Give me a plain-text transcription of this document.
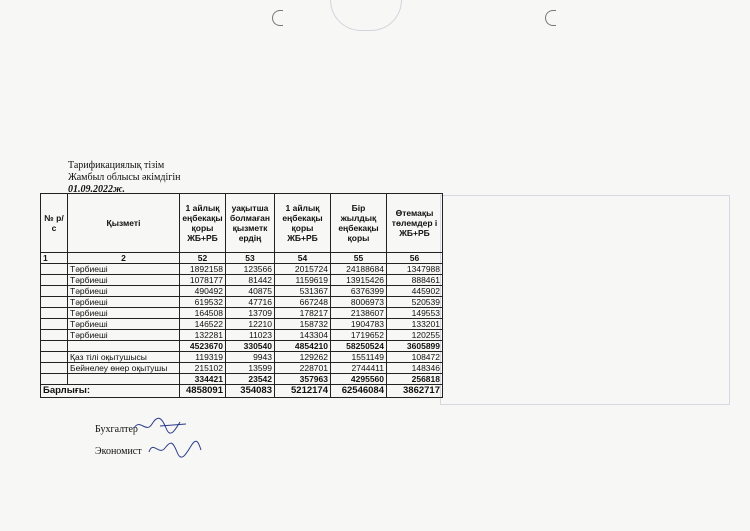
Тарификациялық тізім
Жамбыл облысы әкімдігін
01.09.2022ж.
№ р/с	Қызметі	1 айлық еңбекақы қоры ЖБ+РБ	уақытша болмаған қызметк ердің	1 айлық еңбекақы қоры ЖБ+РБ	Бір жылдық еңбекақы қоры	Өтемақы төлемдер і ЖБ+РБ
1	2	52	53	54	55	56
	Тәрбиеші	1892158	123566	2015724	24188684	1347988
	Тәрбиеші	1078177	81442	1159619	13915426	888461
	Тәрбиеші	490492	40875	531367	6376399	445902
	Тәрбиеші	619532	47716	667248	8006973	520539
	Тәрбиеші	164508	13709	178217	2138607	149553
	Тәрбиеші	146522	12210	158732	1904783	133201
	Тәрбиеші	132281	11023	143304	1719652	120255
		4523670	330540	4854210	58250524	3605899
	Қаз тілі оқытушысы	119319	9943	129262	1551149	108472
	Бейнелеу өнер оқытушы	215102	13599	228701	2744411	148346
		334421	23542	357963	4295560	256818
Барлығы:		4858091	354083	5212174	62546084	3862717
Бухгалтер
Экономист
